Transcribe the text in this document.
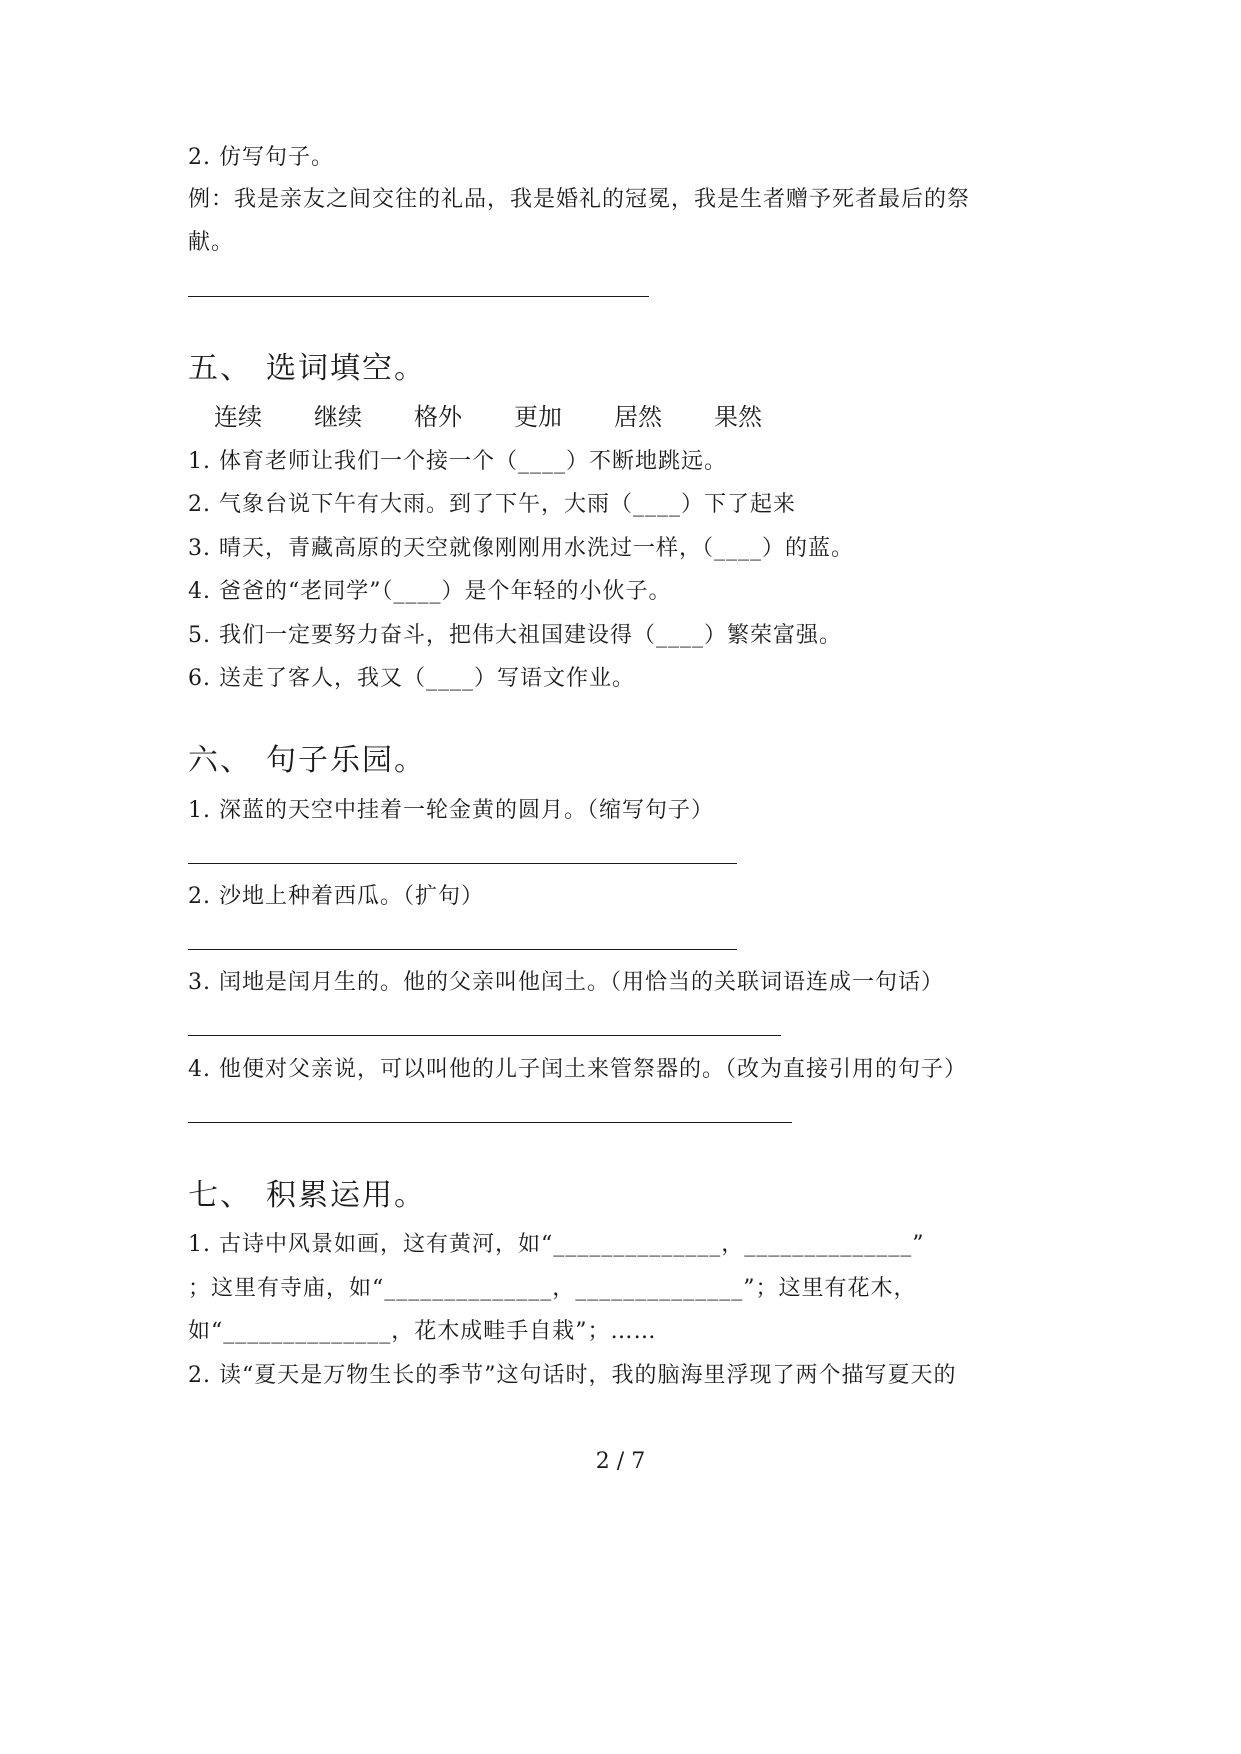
2. 仿写句子。
例：我是亲友之间交往的礼品，我是婚礼的冠冕，我是生者赠予死者最后的祭
献。
五、 选词填空。
连续 继续 格外 更加 居然 果然
1. 体育老师让我们一个接一个（____）不断地跳远。
2. 气象台说下午有大雨。到了下午，大雨（____）下了起来
3. 晴天，青藏高原的天空就像刚刚用水洗过一样，（____）的蓝。
4. 爸爸的“老同学”（____）是个年轻的小伙子。
5. 我们一定要努力奋斗，把伟大祖国建设得（____）繁荣富强。
6. 送走了客人，我又（____）写语文作业。
六、 句子乐园。
1. 深蓝的天空中挂着一轮金黄的圆月。（缩写句子）
2. 沙地上种着西瓜。（扩句）
3. 闰地是闰月生的。他的父亲叫他闰土。（用恰当的关联词语连成一句话）
4. 他便对父亲说，可以叫他的儿子闰土来管祭器的。（改为直接引用的句子）
七、 积累运用。
1. 古诗中风景如画，这有黄河，如“______________，______________”
；这里有寺庙，如“______________，______________”；这里有花木，
如“______________，花木成畦手自栽”；……
2. 读“夏天是万物生长的季节”这句话时，我的脑海里浮现了两个描写夏天的
2 / 7
